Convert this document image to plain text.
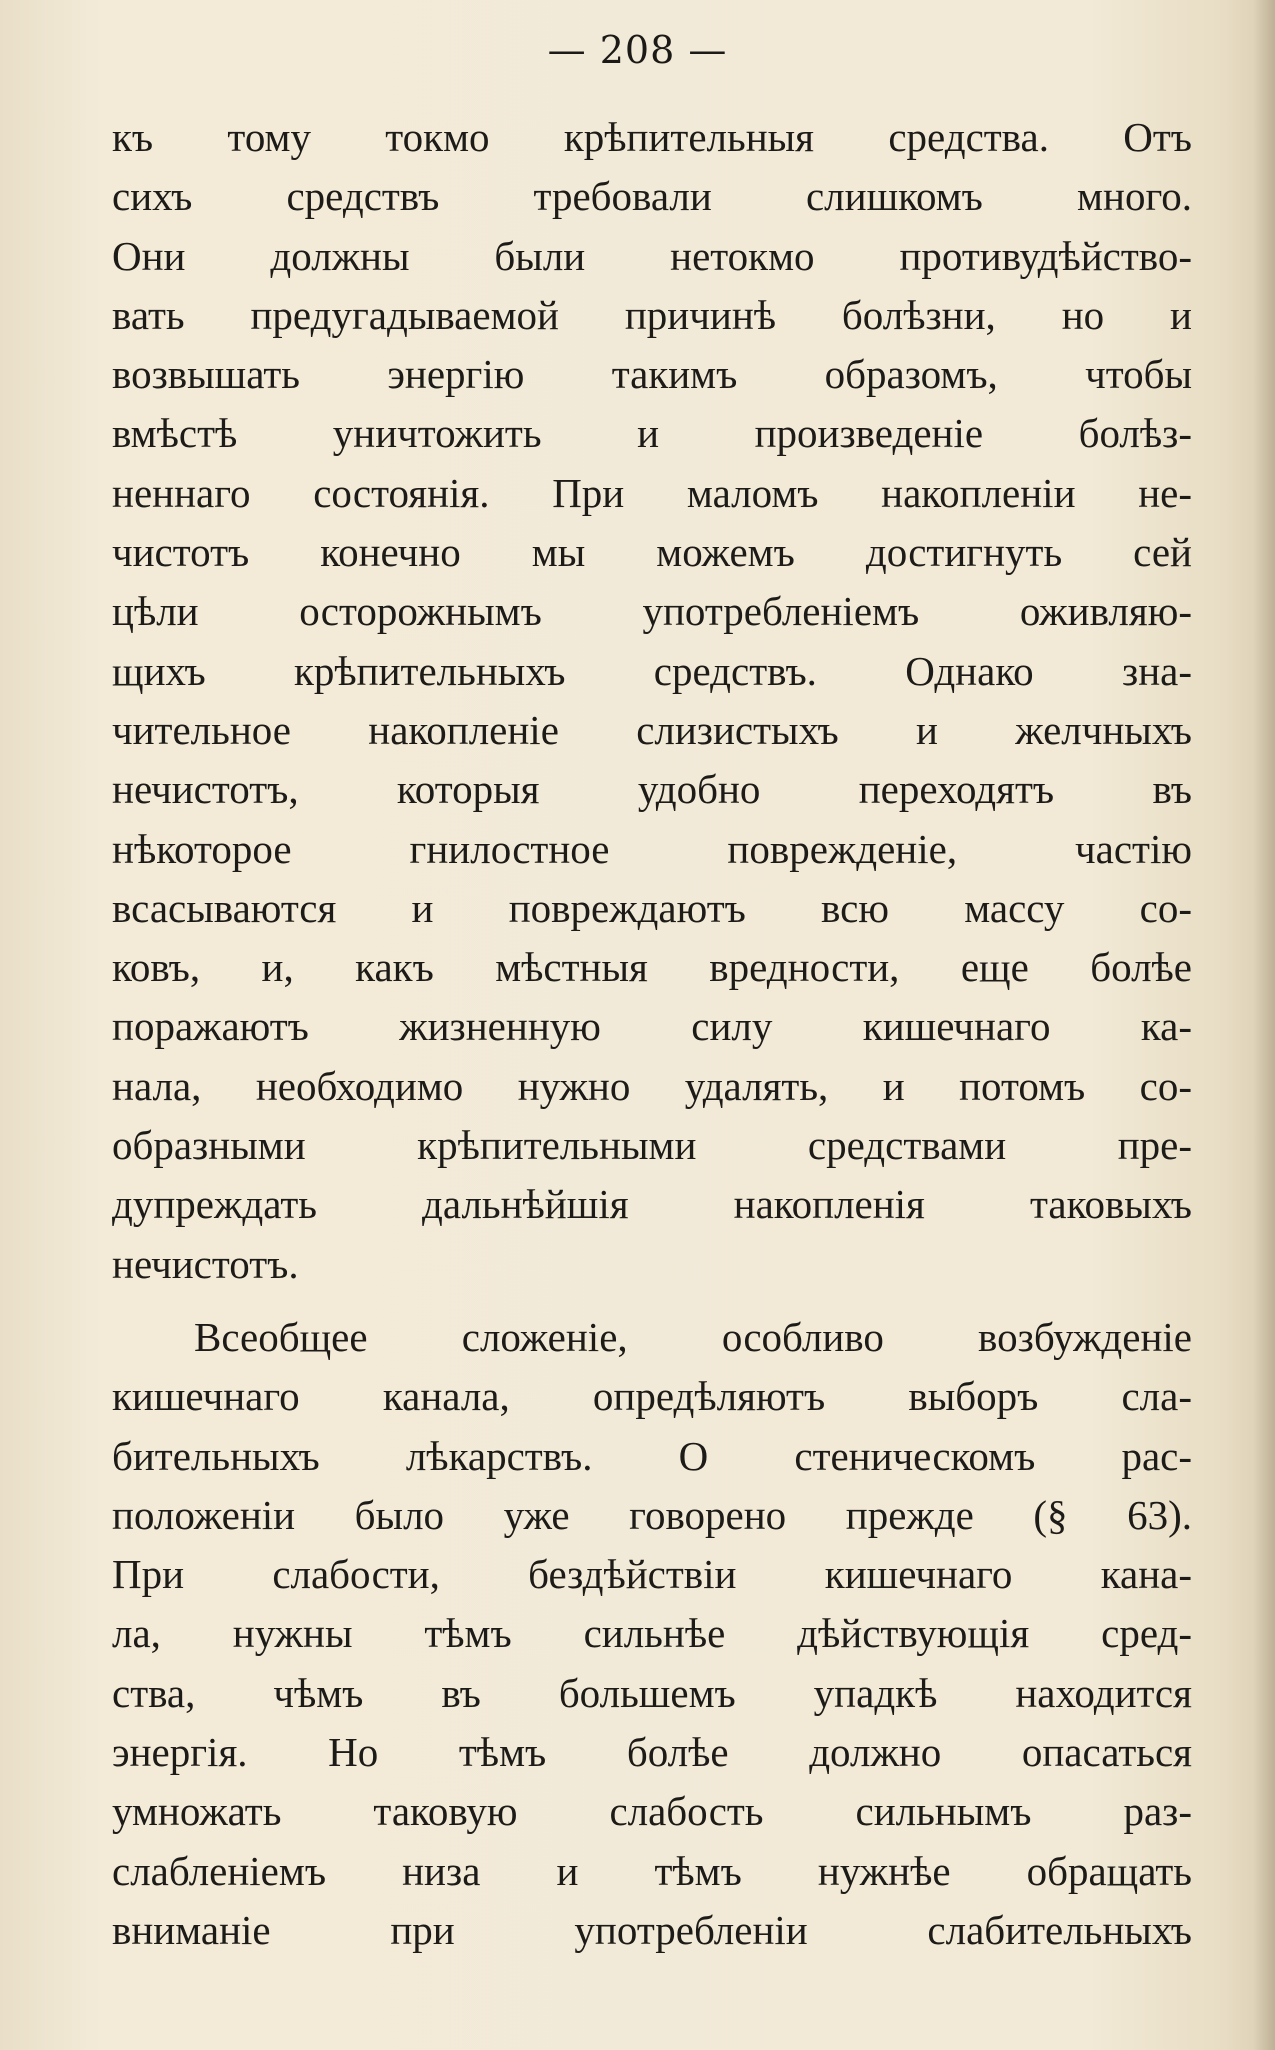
— 208 —
къ тому токмо крѣпительныя средства. Отъ
сихъ средствъ требовали слишкомъ много.
Они должны были нетокмо противудѣйство-
вать предугадываемой причинѣ болѣзни, но и
возвышать энергію такимъ образомъ, чтобы
вмѣстѣ уничтожить и произведеніе болѣз-
неннаго состоянія. При маломъ накопленіи не-
чистотъ конечно мы можемъ достигнуть сей
цѣли осторожнымъ употребленіемъ оживляю-
щихъ крѣпительныхъ средствъ. Однако зна-
чительное накопленіе слизистыхъ и желчныхъ
нечистотъ, которыя удобно переходятъ въ
нѣкоторое гнилостное поврежденіе, частію
всасываются и повреждаютъ всю массу со-
ковъ, и, какъ мѣстныя вредности, еще болѣе
поражаютъ жизненную силу кишечнаго ка-
нала, необходимо нужно удалять, и потомъ со-
образными крѣпительными средствами пре-
дупреждать дальнѣйшія накопленія таковыхъ
нечистотъ.
Всеобщее сложеніе, особливо возбужденіе
кишечнаго канала, опредѣляютъ выборъ сла-
бительныхъ лѣкарствъ. О стеническомъ рас-
положеніи было уже говорено прежде (§ 63).
При слабости, бездѣйствіи кишечнаго кана-
ла, нужны тѣмъ сильнѣе дѣйствующія сред-
ства, чѣмъ въ большемъ упадкѣ находится
энергія. Но тѣмъ болѣе должно опасаться
умножать таковую слабость сильнымъ раз-
слабленіемъ низа и тѣмъ нужнѣе обращать
вниманіе при употребленіи слабительныхъ
